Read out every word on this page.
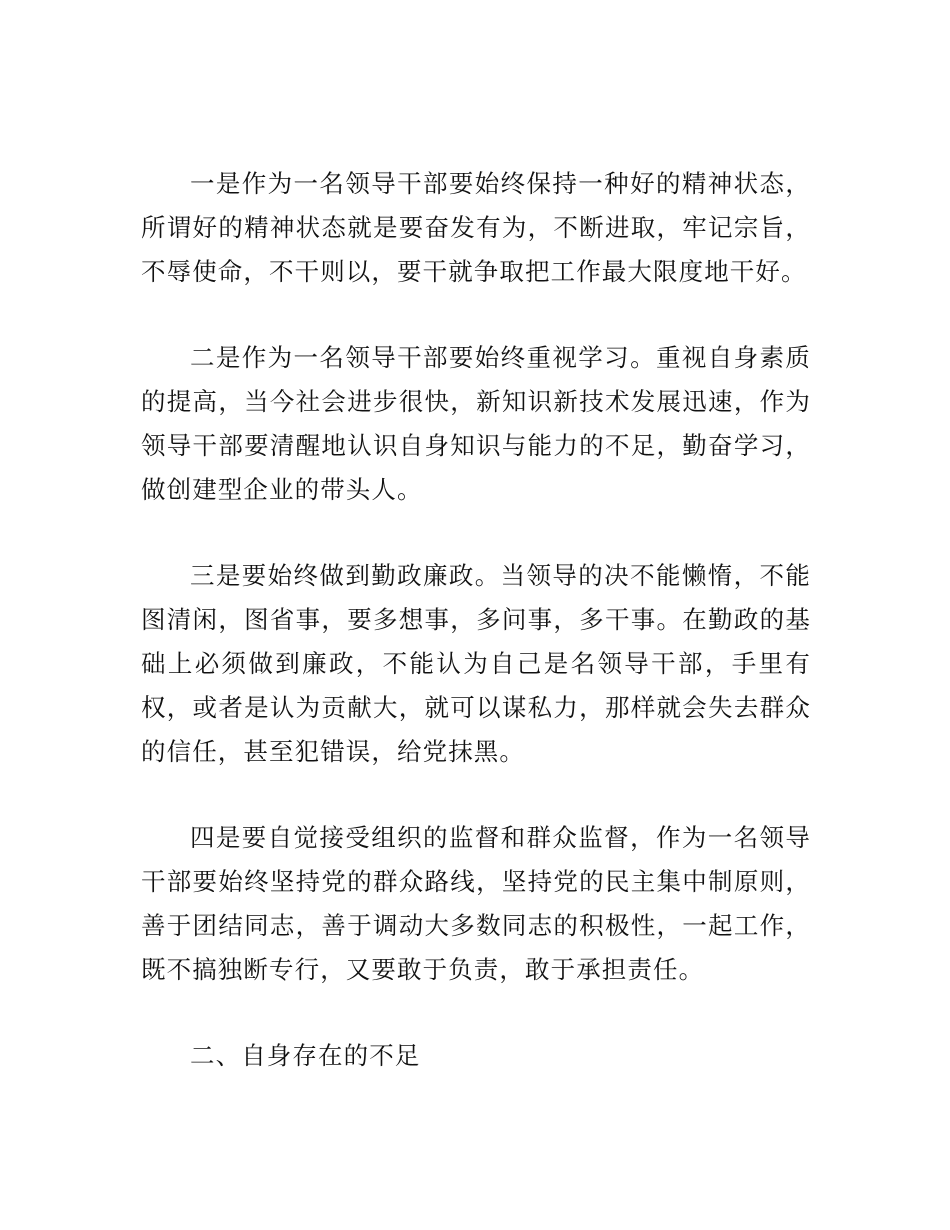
一是作为一名领导干部要始终保持一种好的精神状态，所谓好的精神状态就是要奋发有为，不断进取，牢记宗旨，不辱使命，不干则以，要干就争取把工作最大限度地干好。

二是作为一名领导干部要始终重视学习。重视自身素质的提高，当今社会进步很快，新知识新技术发展迅速，作为领导干部要清醒地认识自身知识与能力的不足，勤奋学习，做创建型企业的带头人。

三是要始终做到勤政廉政。当领导的决不能懒惰，不能图清闲，图省事，要多想事，多问事，多干事。在勤政的基础上必须做到廉政，不能认为自己是名领导干部，手里有权，或者是认为贡献大，就可以谋私力，那样就会失去群众的信任，甚至犯错误，给党抹黑。

四是要自觉接受组织的监督和群众监督，作为一名领导干部要始终坚持党的群众路线，坚持党的民主集中制原则，善于团结同志，善于调动大多数同志的积极性，一起工作，既不搞独断专行，又要敢于负责，敢于承担责任。

二、自身存在的不足
